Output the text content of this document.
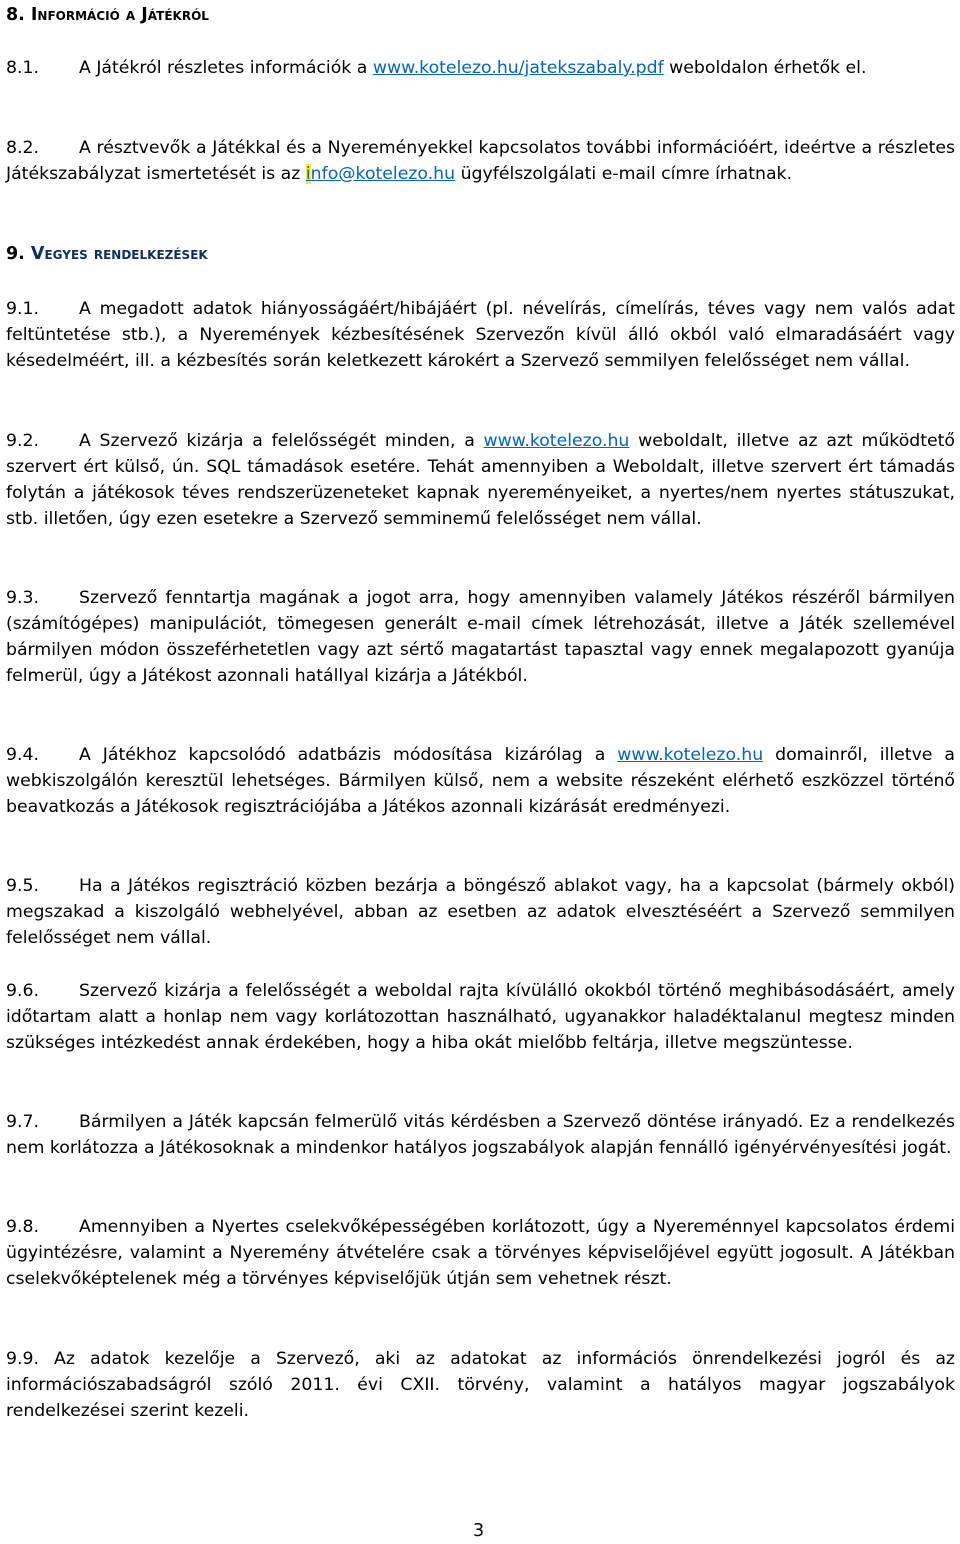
8. Információ a Játékról

8.1. A Játékról részletes információk a www.kotelezo.hu/jatekszabaly.pdf weboldalon érhetők el.

8.2. A résztvevők a Játékkal és a Nyereményekkel kapcsolatos további információért, ideértve a részletes Játékszabályzat ismertetését is az info@kotelezo.hu ügyfélszolgálati e-mail címre írhatnak.

9. Vegyes rendelkezések

9.1. A megadott adatok hiányosságáért/hibájáért (pl. névelírás, címelírás, téves vagy nem valós adat feltüntetése stb.), a Nyeremények kézbesítésének Szervezőn kívül álló okból való elmaradásáért vagy késedelméért, ill. a kézbesítés során keletkezett károkért a Szervező semmilyen felelősséget nem vállal.

9.2. A Szervező kizárja a felelősségét minden, a www.kotelezo.hu weboldalt, illetve az azt működtető szervert ért külső, ún. SQL támadások esetére. Tehát amennyiben a Weboldalt, illetve szervert ért támadás folytán a játékosok téves rendszerüzeneteket kapnak nyereményeiket, a nyertes/nem nyertes státuszukat, stb. illetően, úgy ezen esetekre a Szervező semminemű felelősséget nem vállal.

9.3. Szervező fenntartja magának a jogot arra, hogy amennyiben valamely Játékos részéről bármilyen (számítógépes) manipulációt, tömegesen generált e-mail címek létrehozását, illetve a Játék szellemével bármilyen módon összeférhetetlen vagy azt sértő magatartást tapasztal vagy ennek megalapozott gyanúja felmerül, úgy a Játékost azonnali hatállyal kizárja a Játékból.

9.4. A Játékhoz kapcsolódó adatbázis módosítása kizárólag a www.kotelezo.hu domainről, illetve a webkiszolgálón keresztül lehetséges. Bármilyen külső, nem a website részeként elérhető eszközzel történő beavatkozás a Játékosok regisztrációjába a Játékos azonnali kizárását eredményezi.

9.5. Ha a Játékos regisztráció közben bezárja a böngésző ablakot vagy, ha a kapcsolat (bármely okból) megszakad a kiszolgáló webhelyével, abban az esetben az adatok elvesztéséért a Szervező semmilyen felelősséget nem vállal.

9.6. Szervező kizárja a felelősségét a weboldal rajta kívülálló okokból történő meghibásodásáért, amely időtartam alatt a honlap nem vagy korlátozottan használható, ugyanakkor haladéktalanul megtesz minden szükséges intézkedést annak érdekében, hogy a hiba okát mielőbb feltárja, illetve megszüntesse.

9.7. Bármilyen a Játék kapcsán felmerülő vitás kérdésben a Szervező döntése irányadó. Ez a rendelkezés nem korlátozza a Játékosoknak a mindenkor hatályos jogszabályok alapján fennálló igényérvényesítési jogát.

9.8. Amennyiben a Nyertes cselekvőképességében korlátozott, úgy a Nyereménnyel kapcsolatos érdemi ügyintézésre, valamint a Nyeremény átvételére csak a törvényes képviselőjével együtt jogosult. A Játékban cselekvőképtelenek még a törvényes képviselőjük útján sem vehetnek részt.

9.9. Az adatok kezelője a Szervező, aki az adatokat az információs önrendelkezési jogról és az információszabadságról szóló 2011. évi CXII. törvény, valamint a hatályos magyar jogszabályok rendelkezései szerint kezeli.

3
